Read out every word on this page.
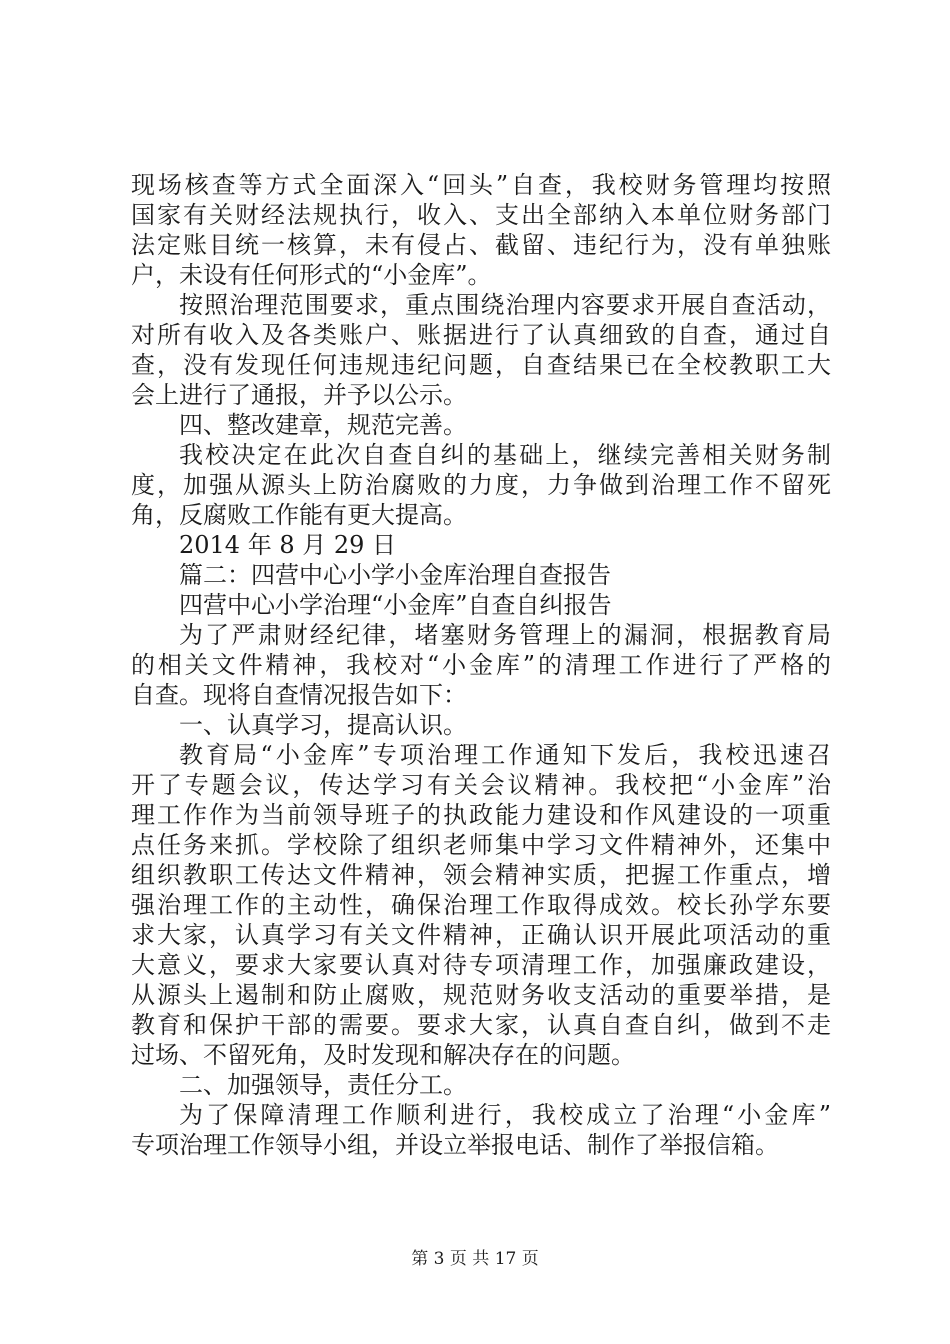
现场核查等方式全面深入“回头”自查，我校财务管理均按照
国家有关财经法规执行，收入、支出全部纳入本单位财务部门
法定账目统一核算，未有侵占、截留、违纪行为，没有单独账
户，未设有任何形式的“小金库”。
按照治理范围要求，重点围绕治理内容要求开展自查活动，
对所有收入及各类账户、账据进行了认真细致的自查，通过自
查，没有发现任何违规违纪问题，自查结果已在全校教职工大
会上进行了通报，并予以公示。
四、整改建章，规范完善。
我校决定在此次自查自纠的基础上，继续完善相关财务制
度，加强从源头上防治腐败的力度，力争做到治理工作不留死
角，反腐败工作能有更大提高。
2014 年 8 月 29 日
篇二：四营中心小学小金库治理自查报告
四营中心小学治理“小金库”自查自纠报告
为了严肃财经纪律，堵塞财务管理上的漏洞，根据教育局
的相关文件精神，我校对“小金库”的清理工作进行了严格的
自查。现将自查情况报告如下：
一、认真学习，提高认识。
教育局“小金库”专项治理工作通知下发后，我校迅速召
开了专题会议，传达学习有关会议精神。我校把“小金库”治
理工作作为当前领导班子的执政能力建设和作风建设的一项重
点任务来抓。学校除了组织老师集中学习文件精神外，还集中
组织教职工传达文件精神，领会精神实质，把握工作重点，增
强治理工作的主动性，确保治理工作取得成效。校长孙学东要
求大家，认真学习有关文件精神，正确认识开展此项活动的重
大意义，要求大家要认真对待专项清理工作，加强廉政建设，
从源头上遏制和防止腐败，规范财务收支活动的重要举措，是
教育和保护干部的需要。要求大家，认真自查自纠，做到不走
过场、不留死角，及时发现和解决存在的问题。
二、加强领导，责任分工。
为了保障清理工作顺利进行，我校成立了治理“小金库”
专项治理工作领导小组，并设立举报电话、制作了举报信箱。
第 3 页 共 17 页
